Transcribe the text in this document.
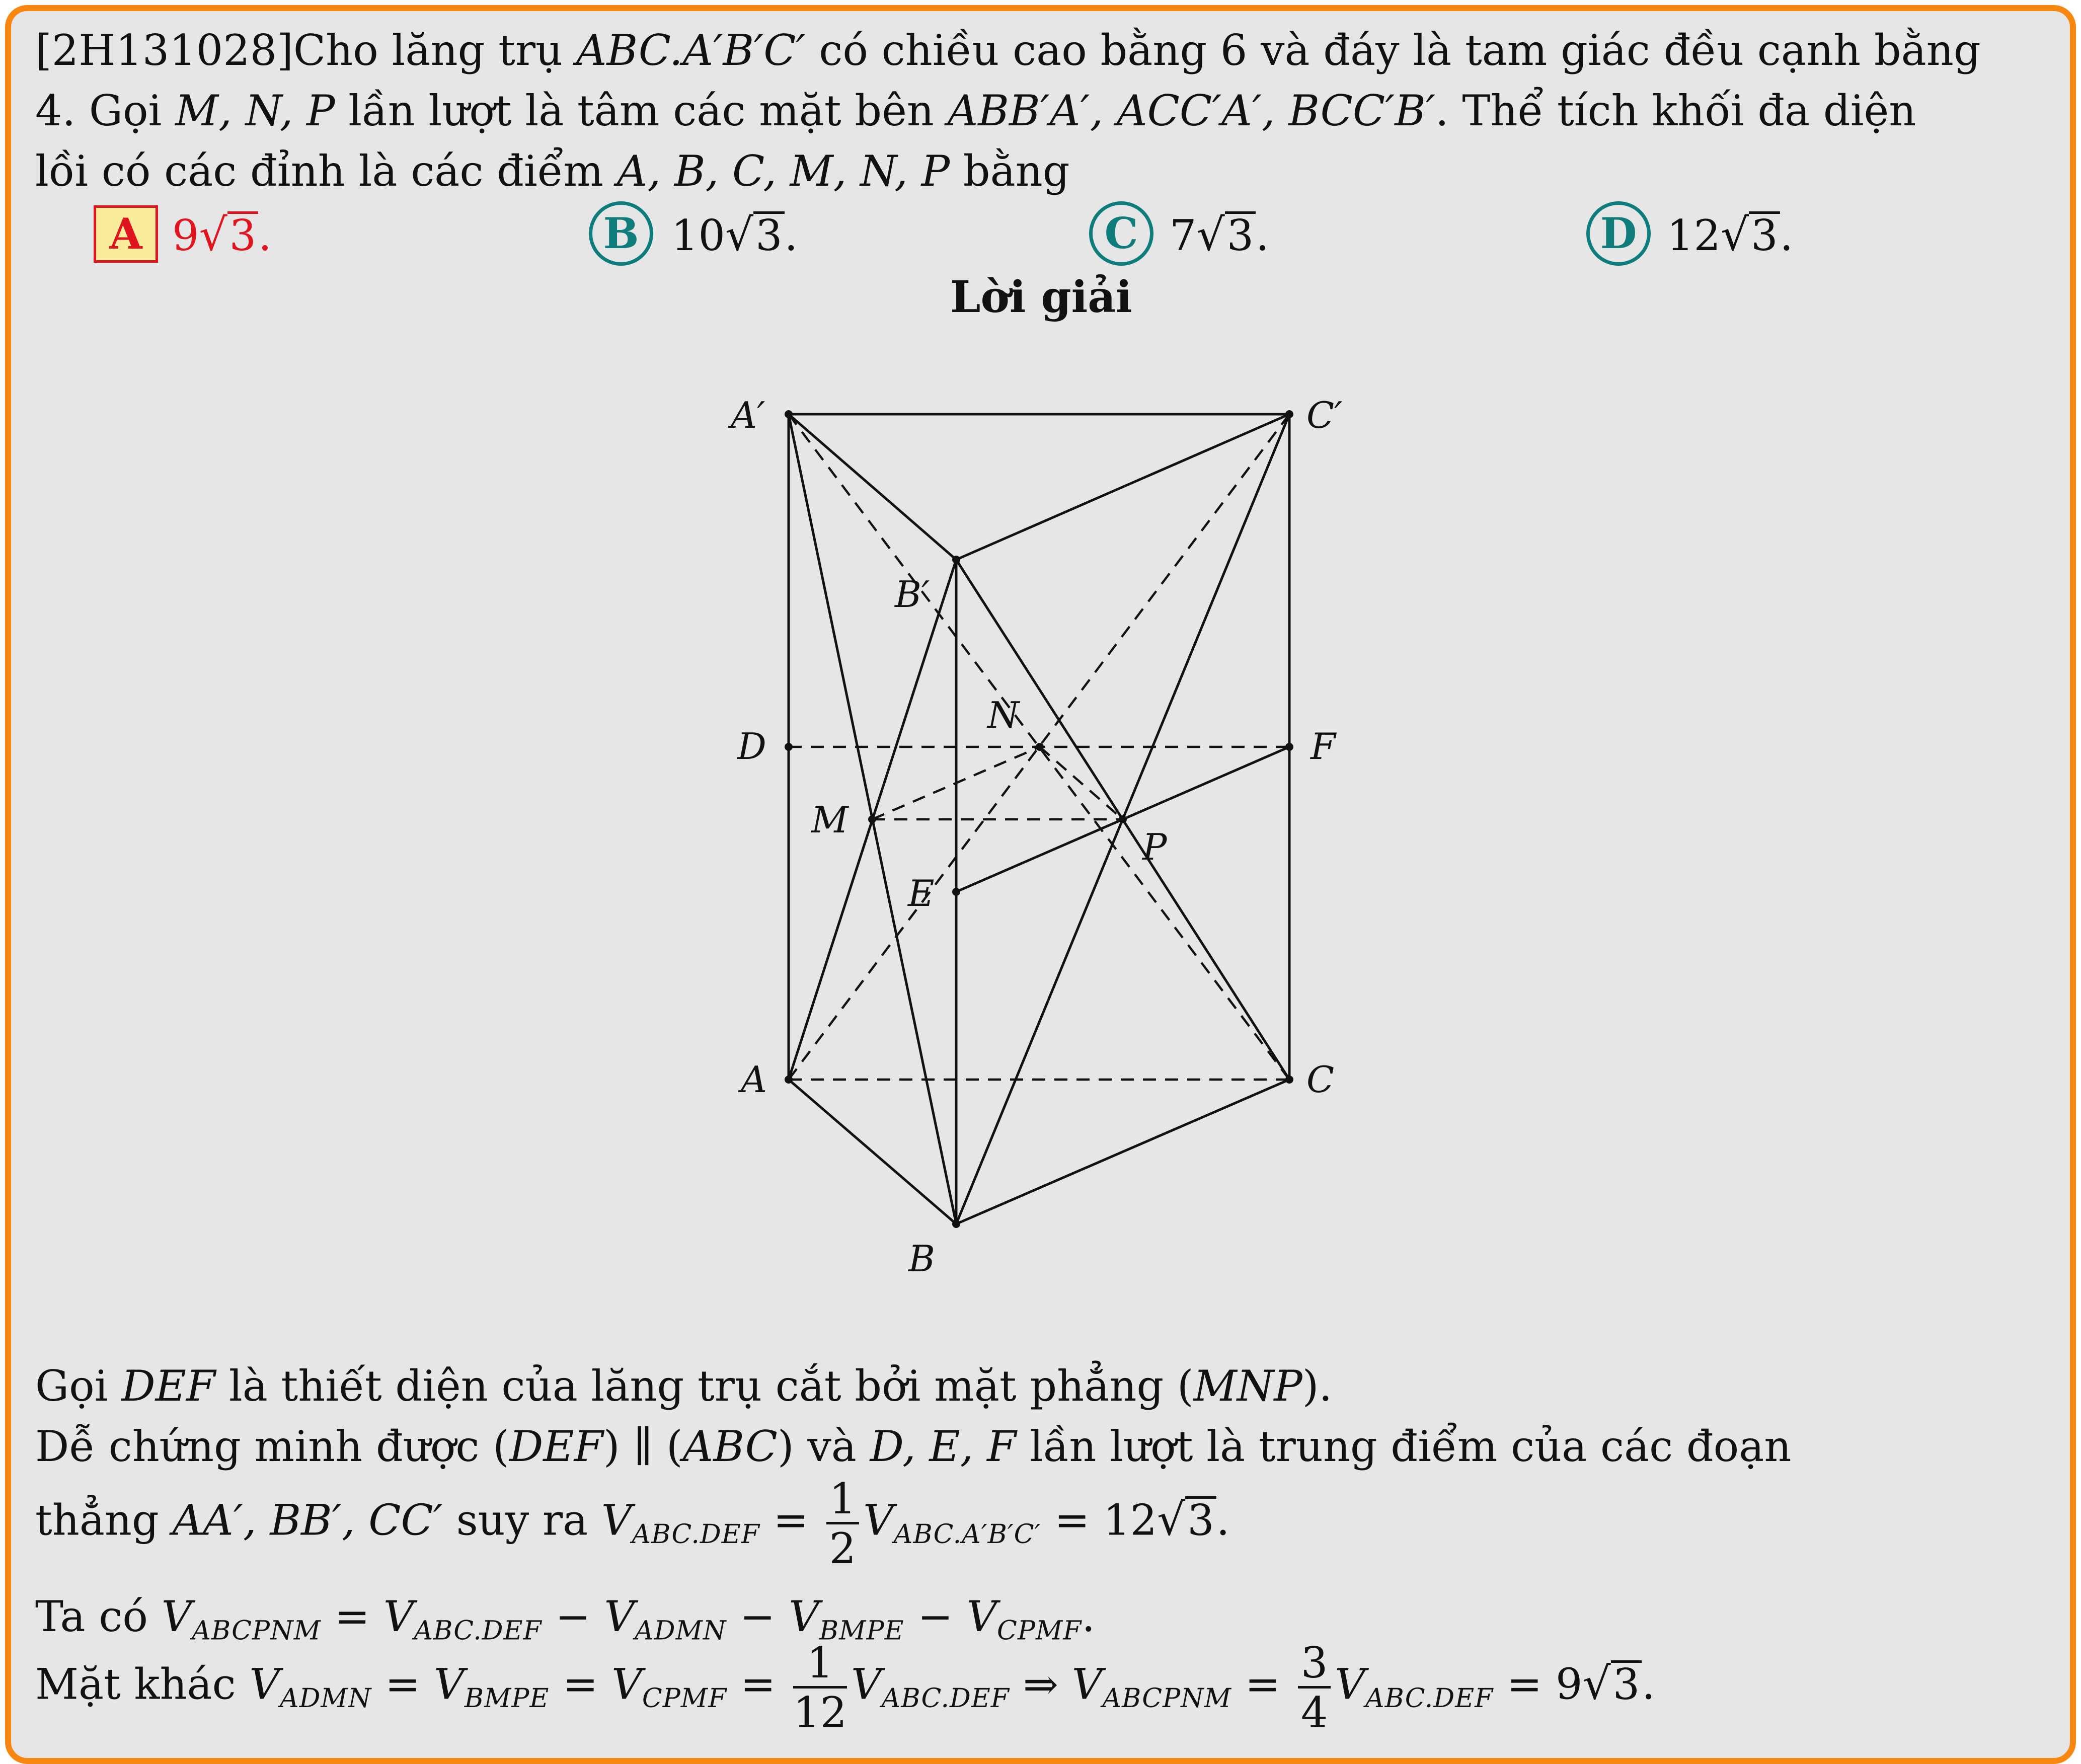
[2H131028]Cho lăng trụ ABC.A′B′C′ có chiều cao bằng 6 và đáy là tam giác đều cạnh bằng
4. Gọi M, N, P lần lượt là tâm các mặt bên ABB′A′, ACC′A′, BCC′B′. Thể tích khối đa diện
lồi có các đỉnh là các điểm A, B, C, M, N, P bằng
A 9√3.	B 10√3.	C 7√3.	D 12√3.
Lời giải
A′	C′
B′
D	F
N
M
P
E
A	C
B
Gọi DEF là thiết diện của lăng trụ cắt bởi mặt phẳng (MNP).
Dễ chứng minh được (DEF) ∥ (ABC) và D, E, F lần lượt là trung điểm của các đoạn
thẳng AA′, BB′, CC′ suy ra $V_{ABC.DEF} = \frac{1}{2} V_{ABC.A'B'C'} = 12√3$.
Ta có $V_{ABCPNM} = V_{ABC.DEF} - V_{ADMN} - V_{BMPE} - V_{CPMF}$.
Mặt khác $V_{ADMN} = V_{BMPE} = V_{CPMF} = \frac{1}{12} V_{ABC.DEF}$ ⇒ $V_{ABCPNM} = \frac{3}{4} V_{ABC.DEF} = 9√3$.
